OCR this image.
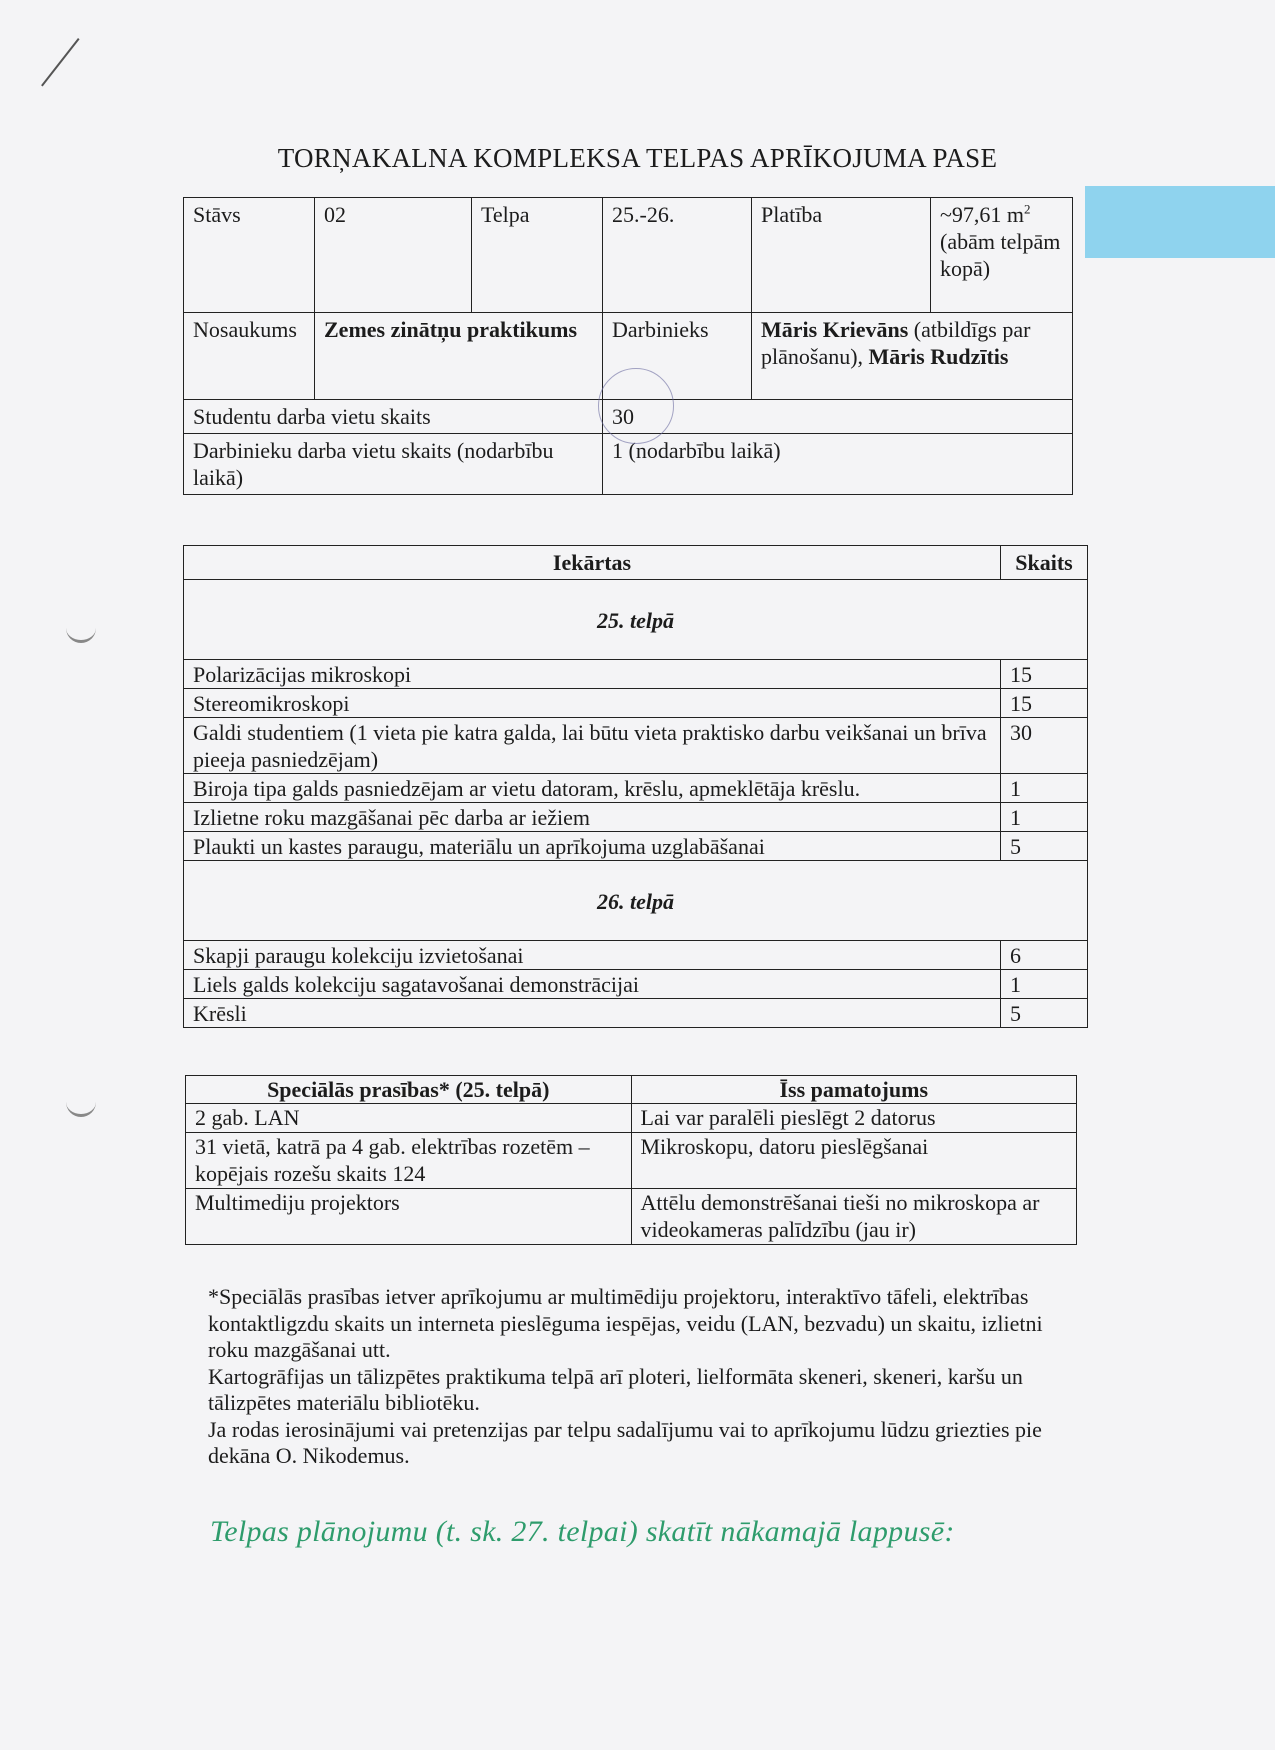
TORŅAKALNA KOMPLEKSA TELPAS APRĪKOJUMA PASE
Stāvs	02	Telpa	25.-26.	Platība	~97,61 $m^2$
(abām telpām kopā)

Nosaukums	Zemes zinātņu praktikums		Darbinieks	Māris Krievāns (atbildīgs par plānošanu), Māris Rudzītis	
Studentu darba vietu skaits			30		
Darbinieku darba vietu skaits (nodarbību laikā)			1 (nodarbību laikā)		
Iekārtas	Skaits
25. telpā	
Polarizācijas mikroskopi	15
Stereomikroskopi	15
Galdi studentiem (1 vieta pie katra galda, lai būtu vieta praktisko darbu veikšanai un brīva pieeja pasniedzējam)	30
Biroja tipa galds pasniedzējam ar vietu datoram, krēslu, apmeklētāja krēslu.	1
Izlietne roku mazgāšanai pēc darba ar iežiem	1
Plaukti un kastes paraugu, materiālu un aprīkojuma uzglabāšanai	5
26. telpā	
Skapji paraugu kolekciju izvietošanai	6
Liels galds kolekciju sagatavošanai demonstrācijai	1
Krēsli	5
Speciālās prasības* (25. telpā)	Īss pamatojums
2 gab. LAN	Lai var paralēli pieslēgt 2 datorus
31 vietā, katrā pa 4 gab. elektrības rozetēm – kopējais rozešu skaits 124	Mikroskopu, datoru pieslēgšanai
Multimediju projektors	Attēlu demonstrēšanai tieši no mikroskopa ar videokameras palīdzību (jau ir)

*Speciālās prasības ietver aprīkojumu ar multimēdiju projektoru, interaktīvo tāfeli, elektrības kontaktligzdu skaits un interneta pieslēguma iespējas, veidu (LAN, bezvadu) un skaitu, izlietni roku mazgāšanai utt.

Kartogrāfijas un tālizpētes praktikuma telpā arī ploteri, lielformāta skeneri, skeneri, karšu un tālizpētes materiālu bibliotēku.

Ja rodas ierosinājumi vai pretenzijas par telpu sadalījumu vai to aprīkojumu lūdzu griezties pie dekāna O. Nikodemus.

Telpas plānojumu (t. sk. 27. telpai) skatīt nākamajā lappusē:
